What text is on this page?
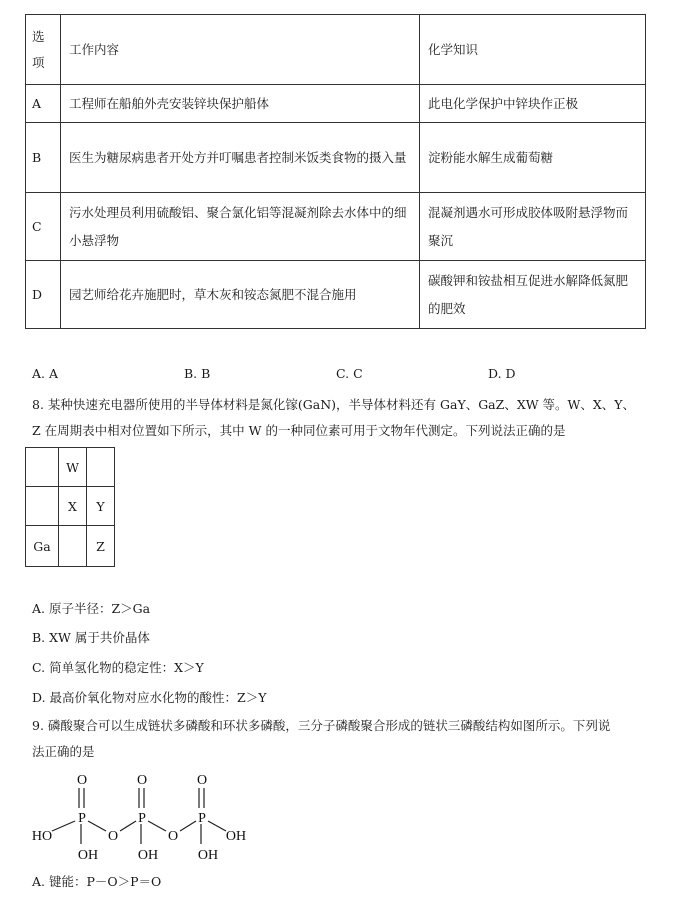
选
项	工作内容	化学知识
A	工程师在船舶外壳安装锌块保护船体	此电化学保护中锌块作正极
B	医生为糖尿病患者开处方并叮嘱患者控制米饭类食物的摄入量	淀粉能水解生成葡萄糖
C	污水处理员利用硫酸铝、聚合氯化铝等混凝剂除去水体中的细小悬浮物	混凝剂遇水可形成胶体吸附悬浮物而聚沉
D	园艺师给花卉施肥时，草木灰和铵态氮肥不混合施用	碳酸钾和铵盐相互促进水解降低氮肥的肥效
A. A	B. B	C. C	D. D
8. 某种快速充电器所使用的半导体材料是氮化镓(GaN)，半导体材料还有 GaY、GaZ、XW 等。W、X、Y、
Z 在周期表中相对位置如下所示，其中 W 的一种同位素可用于文物年代测定。下列说法正确的是
	W	
	X	Y
Ga		Z
A. 原子半径：Z＞Ga
B. XW 属于共价晶体
C. 简单氢化物的稳定性：X＞Y
D. 最高价氧化物对应水化物的酸性：Z＞Y
9. 磷酸聚合可以生成链状多磷酸和环状多磷酸，三分子磷酸聚合形成的链状三磷酸结构如图所示。下列说
法正确的是
O	O	O
P	P	P
O	O
HO	OH
OH	OH	OH
A. 键能：P－O＞P＝O
